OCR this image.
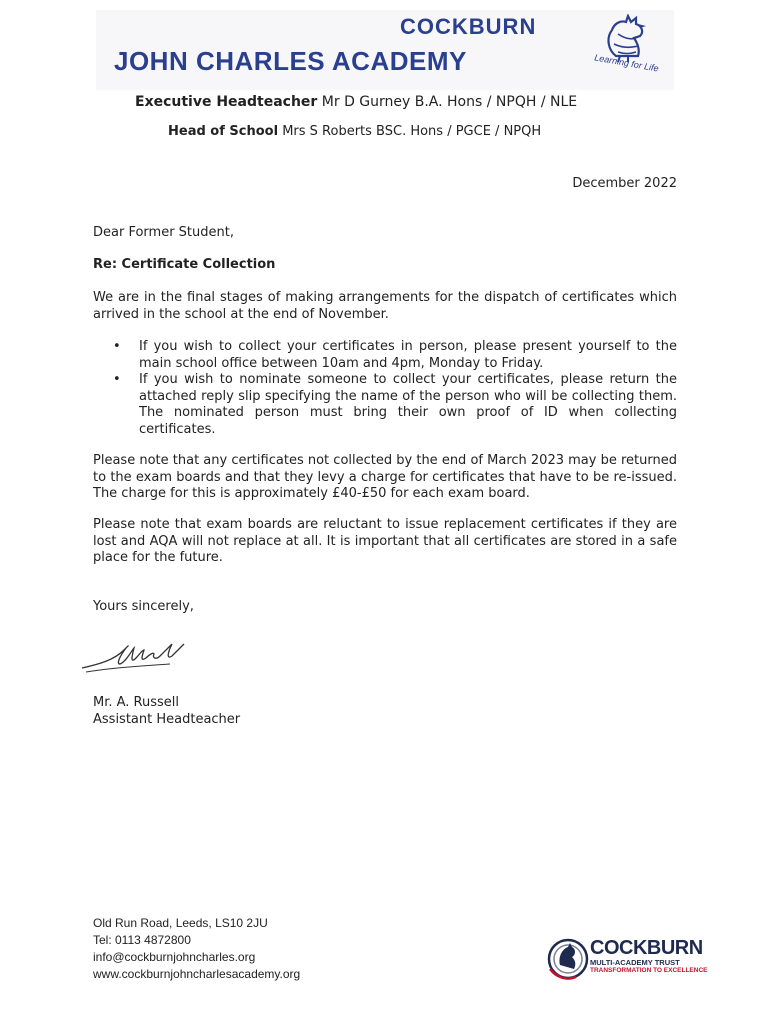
COCKBURN
JOHN CHARLES ACADEMY	Learning for Life
Executive Headteacher Mr D Gurney B.A. Hons / NPQH / NLE
Head of School Mrs S Roberts BSC. Hons / PGCE / NPQH
December 2022
Dear Former Student,
Re: Certificate Collection
We are in the final stages of making arrangements for the dispatch of certificates which arrived in the school at the end of November.
• If you wish to collect your certificates in person, please present yourself to the main school office between 10am and 4pm, Monday to Friday.
• If you wish to nominate someone to collect your certificates, please return the attached reply slip specifying the name of the person who will be collecting them. The nominated person must bring their own proof of ID when collecting certificates.
Please note that any certificates not collected by the end of March 2023 may be returned to the exam boards and that they levy a charge for certificates that have to be re-issued. The charge for this is approximately £40-£50 for each exam board.
Please note that exam boards are reluctant to issue replacement certificates if they are lost and AQA will not replace at all. It is important that all certificates are stored in a safe place for the future.
Yours sincerely,
Mr. A. Russell
Assistant Headteacher
Old Run Road, Leeds, LS10 2JU
Tel: 0113 4872800
info@cockburnjohncharles.org
www.cockburnjohncharlesacademy.org
COCKBURN
MULTI-ACADEMY TRUST
TRANSFORMATION TO EXCELLENCE
